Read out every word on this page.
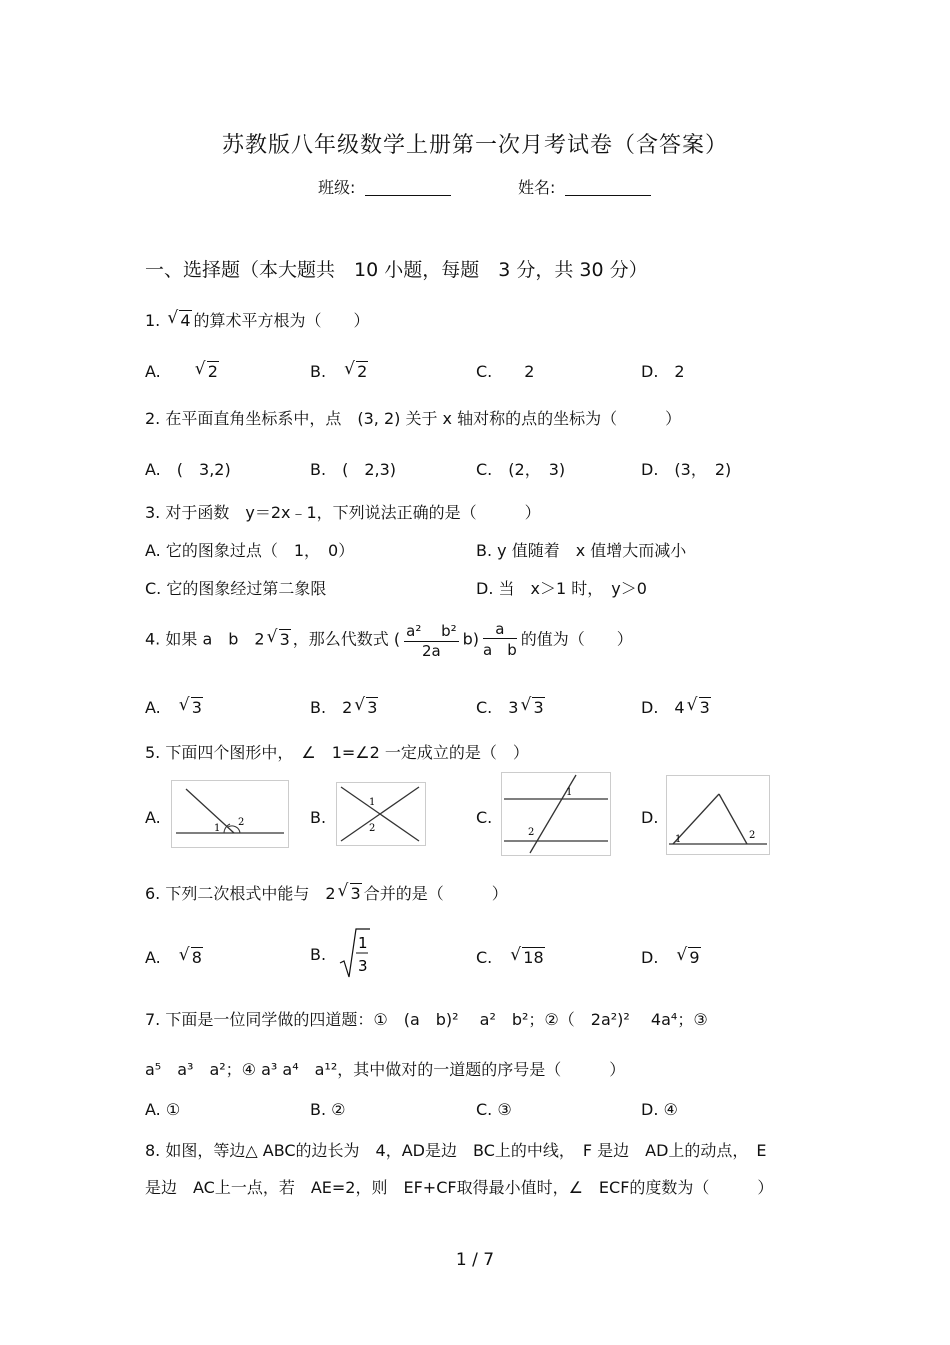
苏教版八年级数学上册第一次月考试卷（含答案）
班级:	姓名:
一、选择题（本大题共　10 小题，每题　3 分，共 30 分）
1. √ 4 的算术平方根为（　　）
A.　　	√ 2	B.　 √ 2	C.　　 2	D.　 2
2. 在平面直角坐标系中，点　(3, 2) 关于 x 轴对称的点的坐标为（　　　）
A.　 (　3,2)	B.　 (　2,3)	C.　 (2，　3)	D.　 (3，　2)
3. 对于函数　y＝2x﹣1，下列说法正确的是（　　　）
A. 它的图象过点（　1，　0）	B. y 值随着　x 值增大而减小
C. 它的图象经过第二象限	D. 当　x＞1 时，　y＞0
4. 如果 a　b　2 √ 3 ，那么代数式 ( $\frac{\text{a² 　b²}}{2a} b) \frac{a}{\text{a　b}}$ 的值为（　　）
A.　 √ 3	B.　 2 √ 3	C.　 3 √ 3	D.　 4 √ 3
5. 下面四个图形中，　∠　1=∠2 一定成立的是（　）
A.	B.	C.	D.
1
2
1
2
1
2
1	2
6. 下列二次根式中能与　2 √ 3 合并的是（　　　）
A.　 √ 8	B.
1
3	C.　 √ 18	D.　 √ 9
7. 下面是一位同学做的四道题：①　(a　b)²　 a²　b²；②（　2a²)²　 4a⁴；③
a⁵　a³　a²；④ a³ a⁴　a¹²，其中做对的一道题的序号是（　　　）
A. ①	B. ②	C. ③	D. ④
8. 如图，等边△ ABC的边长为　4，AD是边　BC上的中线，　F 是边　AD上的动点，　E
是边　AC上一点，若　AE=2，则　EF+CF取得最小值时，∠　ECF的度数为（　　　）
1 / 7
